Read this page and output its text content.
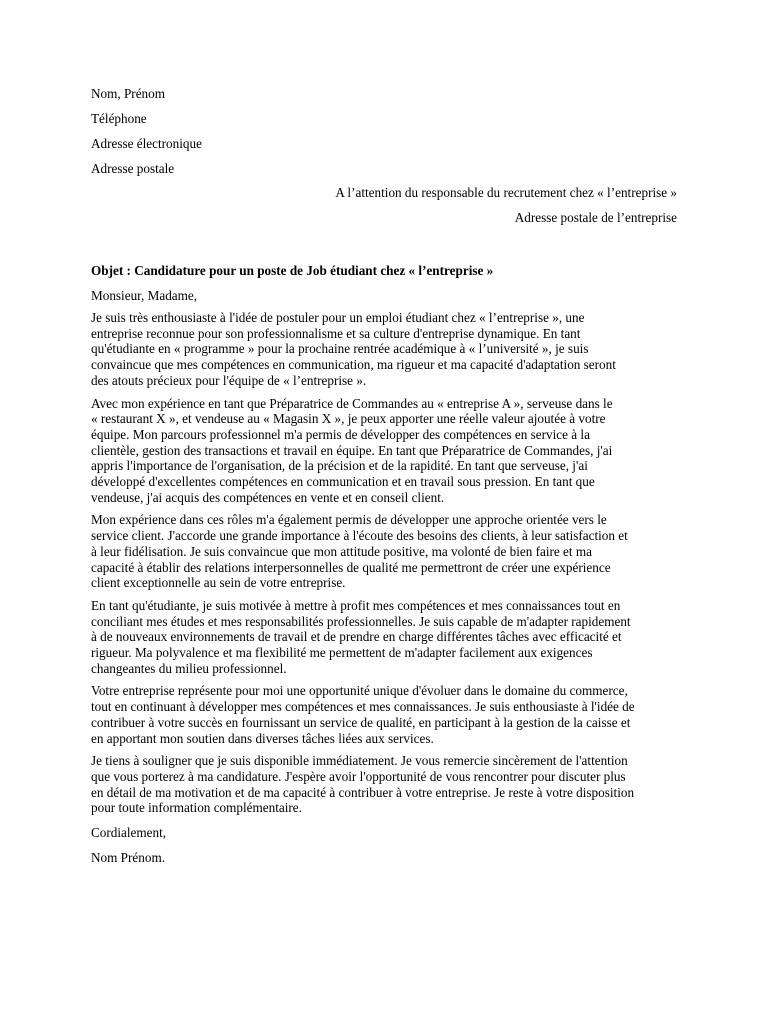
Nom, Prénom
Téléphone
Adresse électronique
Adresse postale
A l’attention du responsable du recrutement chez « l’entreprise »
Adresse postale de l’entreprise
Objet : Candidature pour un poste de Job étudiant chez « l’entreprise »
Monsieur, Madame,
Je suis très enthousiaste à l'idée de postuler pour un emploi étudiant chez « l’entreprise », une
entreprise reconnue pour son professionnalisme et sa culture d'entreprise dynamique. En tant
qu'étudiante en « programme » pour la prochaine rentrée académique à « l’université », je suis
convaincue que mes compétences en communication, ma rigueur et ma capacité d'adaptation seront
des atouts précieux pour l'équipe de « l’entreprise ».
Avec mon expérience en tant que Préparatrice de Commandes au « entreprise A », serveuse dans le
« restaurant X », et vendeuse au « Magasin X », je peux apporter une réelle valeur ajoutée à votre
équipe. Mon parcours professionnel m'a permis de développer des compétences en service à la
clientèle, gestion des transactions et travail en équipe. En tant que Préparatrice de Commandes, j'ai
appris l'importance de l'organisation, de la précision et de la rapidité. En tant que serveuse, j'ai
développé d'excellentes compétences en communication et en travail sous pression. En tant que
vendeuse, j'ai acquis des compétences en vente et en conseil client.
Mon expérience dans ces rôles m'a également permis de développer une approche orientée vers le
service client. J'accorde une grande importance à l'écoute des besoins des clients, à leur satisfaction et
à leur fidélisation. Je suis convaincue que mon attitude positive, ma volonté de bien faire et ma
capacité à établir des relations interpersonnelles de qualité me permettront de créer une expérience
client exceptionnelle au sein de votre entreprise.
En tant qu'étudiante, je suis motivée à mettre à profit mes compétences et mes connaissances tout en
conciliant mes études et mes responsabilités professionnelles. Je suis capable de m'adapter rapidement
à de nouveaux environnements de travail et de prendre en charge différentes tâches avec efficacité et
rigueur. Ma polyvalence et ma flexibilité me permettent de m'adapter facilement aux exigences
changeantes du milieu professionnel.
Votre entreprise représente pour moi une opportunité unique d'évoluer dans le domaine du commerce,
tout en continuant à développer mes compétences et mes connaissances. Je suis enthousiaste à l'idée de
contribuer à votre succès en fournissant un service de qualité, en participant à la gestion de la caisse et
en apportant mon soutien dans diverses tâches liées aux services.
Je tiens à souligner que je suis disponible immédiatement. Je vous remercie sincèrement de l'attention
que vous porterez à ma candidature. J'espère avoir l'opportunité de vous rencontrer pour discuter plus
en détail de ma motivation et de ma capacité à contribuer à votre entreprise. Je reste à votre disposition
pour toute information complémentaire.
Cordialement,
Nom Prénom.
